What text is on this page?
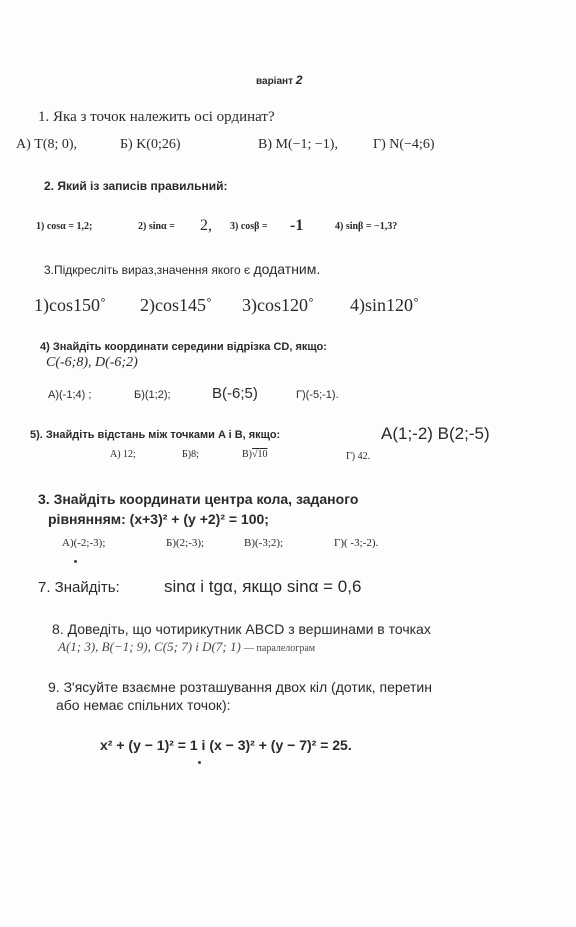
варіант 2
1. Яка з точок належить осі ординат?
А) T(8; 0),	Б) K(0;26)	В) M(−1; −1),	Г) N(−4;6)
2. Який із записів правильний:
1) cosα = 1,2;	2) sinα = 2, 3) cosβ = -1	4) sinβ = −1,3?
3.Підкресліть вираз,значення якого є додатним.
1)cos150˚ 2)cos145˚ 3)cos120˚ 4)sin120˚
4) Знайдіть координати середини відрізка CD, якщо:
C(-6;8), D(-6;2)
А)(-1;4) ;	Б)(1;2);	В(-6;5)	Г)(-5;-1).
5). Знайдіть відстань між точками A і B, якщо:	A(1;-2) B(2;-5)
А) 12;	Б)8;	В)√10	Г) 42.
3. Знайдіть координати центра кола, заданого
рівнянням: (x+3)² + (y +2)² = 100;
А)(-2;-3);	Б)(2;-3);	В)(-3;2);	Г)( -3;-2).
7. Знайдіть:	sinα і tgα, якщо sinα = 0,6
8. Доведіть, що чотирикутник ABCD з вершинами в точках
A(1; 3), B(−1; 9), C(5; 7) і D(7; 1) — паралелограм
9. З'ясуйте взаємне розташування двох кіл (дотик, перетин
або немає спільних точок):
x² + (y − 1)² = 1 і (x − 3)² + (y − 7)² = 25.
